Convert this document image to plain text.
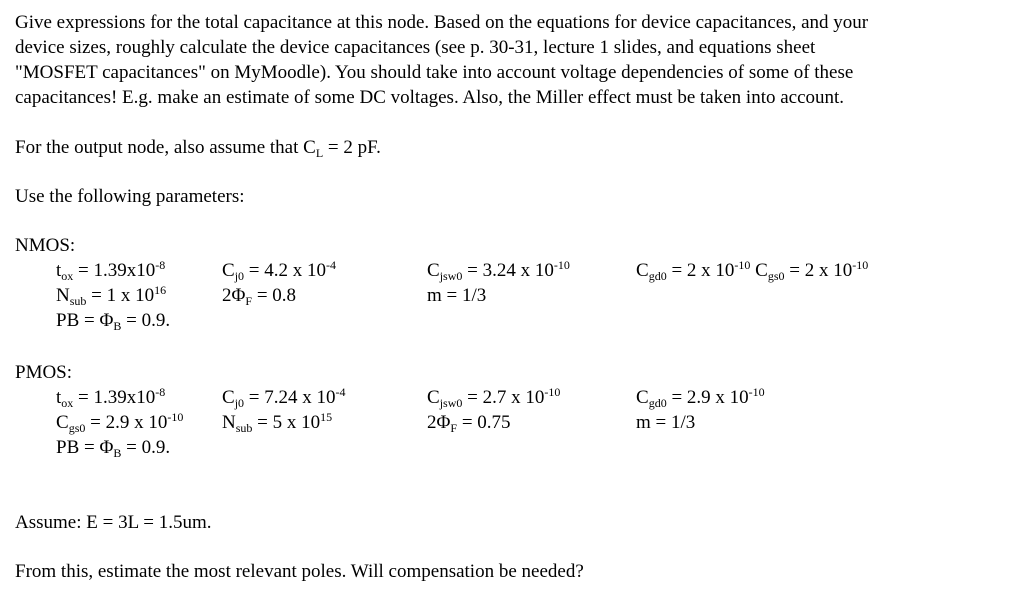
Give expressions for the total capacitance at this node. Based on the equations for device capacitances, and your
device sizes, roughly calculate the device capacitances (see p. 30-31, lecture 1 slides, and equations sheet
"MOSFET capacitances" on MyMoodle). You should take into account voltage dependencies of some of these
capacitances! E.g. make an estimate of some DC voltages. Also, the Miller effect must be taken into account.
For the output node, also assume that $C_L = 2$ pF.
Use the following parameters:
NMOS:
$t_{ox} = 1.39x10^{-8}$
$N_{sub} = 1$ x $10^{16}$
PB = $\Phi_B = 0.9$.
$C_{j0} = 4.2$ x $10^{-4}$
$2\Phi_F = 0.8$
$C_{jsw0} = 3.24$ x $10^{-10}$
m = 1/3
$C_{gd0} = 2$ x $10^{-10}$ $C_{gs0} = 2$ x $10^{-10}$
PMOS:
$t_{ox} = 1.39x10^{-8}$
$C_{gs0} = 2.9$ x $10^{-10}$
PB = $\Phi_B = 0.9$.
$C_{j0} = 7.24$ x $10^{-4}$
$N_{sub} = 5$ x $10^{15}$
$C_{jsw0} = 2.7$ x $10^{-10}$
$2\Phi_F = 0.75$
$C_{gd0} = 2.9$ x $10^{-10}$
m = 1/3
Assume: E = 3L = 1.5um.
From this, estimate the most relevant poles. Will compensation be needed?
